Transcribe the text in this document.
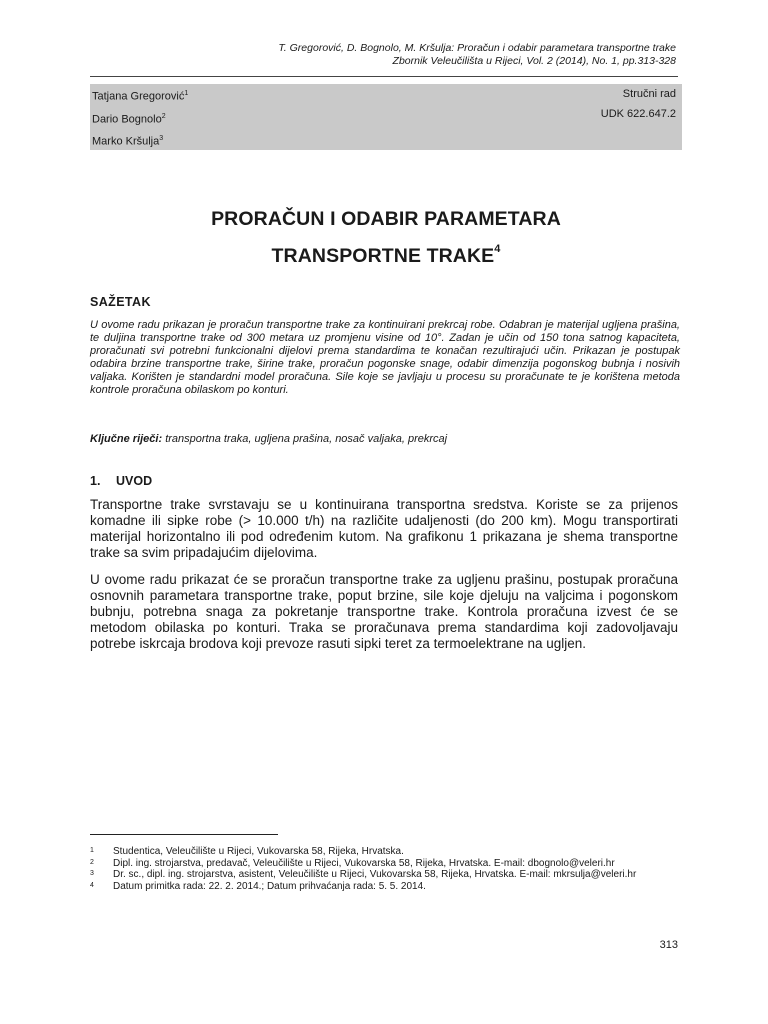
T. Gregorović, D. Bognolo, M. Kršulja: Proračun i odabir parametara transportne trake
Zbornik Veleučilišta u Rijeci, Vol. 2 (2014), No. 1, pp.313-328
Tatjana Gregorović$^1$
Dario Bognolo$^2$
Marko Kršulja$^3$
Stručni rad
UDK 622.647.2
PRORAČUN I ODABIR PARAMETARA
TRANSPORTNE TRAKE$^4$
SAŽETAK
U ovome radu prikazan je proračun transportne trake za kontinuirani prekrcaj robe. Odabran je materijal ugljena prašina, te duljina transportne trake od 300 metara uz promjenu visine od 10°. Zadan je učin od 150 tona satnog kapaciteta, proračunati svi potrebni funkcionalni dijelovi prema standardima te konačan rezultirajući učin. Prikazan je postupak odabira brzine transportne trake, širine trake, proračun pogonske snage, odabir dimenzija pogonskog bubnja i nosivih valjaka. Korišten je standardni model proračuna. Sile koje se javljaju u procesu su proračunate te je korištena metoda kontrole proračuna obilaskom po konturi.
Ključne riječi: transportna traka, ugljena prašina, nosač valjaka, prekrcaj
1. UVOD
Transportne trake svrstavaju se u kontinuirana transportna sredstva. Koriste se za prijenos komadne ili sipke robe (> 10.000 t/h) na različite udaljenosti (do 200 km). Mogu transportirati materijal horizontalno ili pod određenim kutom. Na grafikonu 1 prikazana je shema transportne trake sa svim pripadajućim dijelovima.
U ovome radu prikazat će se proračun transportne trake za ugljenu prašinu, postupak proračuna osnovnih parametara transportne trake, poput brzine, sile koje djeluju na valjcima i pogonskom bubnju, potrebna snaga za pokretanje transportne trake. Kontrola proračuna izvest će se metodom obilaska po konturi. Traka se proračunava prema standardima koji zadovoljavaju potrebe iskrcaja brodova koji prevoze rasuti sipki teret za termoelektrane na ugljen.
1 Studentica, Veleučilište u Rijeci, Vukovarska 58, Rijeka, Hrvatska.
2 Dipl. ing. strojarstva, predavač, Veleučilište u Rijeci, Vukovarska 58, Rijeka, Hrvatska. E-mail: dbognolo@veleri.hr
3 Dr. sc., dipl. ing. strojarstva, asistent, Veleučilište u Rijeci, Vukovarska 58, Rijeka, Hrvatska. E-mail: mkrsulja@veleri.hr
4 Datum primitka rada: 22. 2. 2014.; Datum prihvaćanja rada: 5. 5. 2014.
313
